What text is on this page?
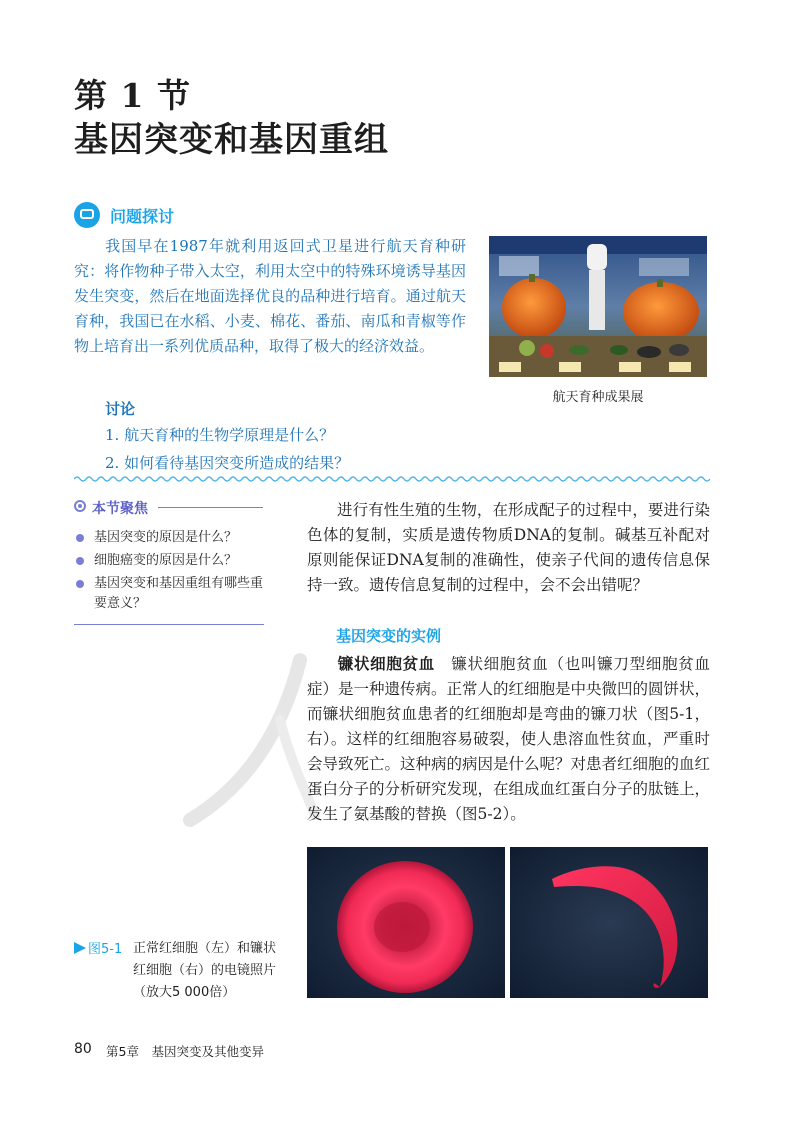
第 1 节
基因突变和基因重组
问题探讨
我国早在1987年就利用返回式卫星进行航天育种研究：将作物种子带入太空，利用太空中的特殊环境诱导基因发生突变，然后在地面选择优良的品种进行培育。通过航天育种，我国已在水稻、小麦、棉花、番茄、南瓜和青椒等作物上培育出一系列优质品种，取得了极大的经济效益。
讨论
1. 航天育种的生物学原理是什么？
2. 如何看待基因突变所造成的结果？
航天育种成果展
本节聚焦
基因突变的原因是什么？
细胞癌变的原因是什么？
基因突变和基因重组有哪些重要意义？
进行有性生殖的生物，在形成配子的过程中，要进行染色体的复制，实质是遗传物质DNA的复制。碱基互补配对原则能保证DNA复制的准确性，使亲子代间的遗传信息保持一致。遗传信息复制的过程中，会不会出错呢？
基因突变的实例
镰状细胞贫血　 镰状细胞贫血（也叫镰刀型细胞贫血症）是一种遗传病。正常人的红细胞是中央微凹的圆饼状，而镰状细胞贫血患者的红细胞却是弯曲的镰刀状（图5-1，右）。这样的红细胞容易破裂，使人患溶血性贫血，严重时会导致死亡。这种病的病因是什么呢？对患者红细胞的血红蛋白分子的分析研究发现，在组成血红蛋白分子的肽链上，发生了氨基酸的替换（图5-2）。
图5-1 正常红细胞（左）和镰状红细胞（右）的电镜照片（放大5 000倍）
80 第5章　基因突变及其他变异
